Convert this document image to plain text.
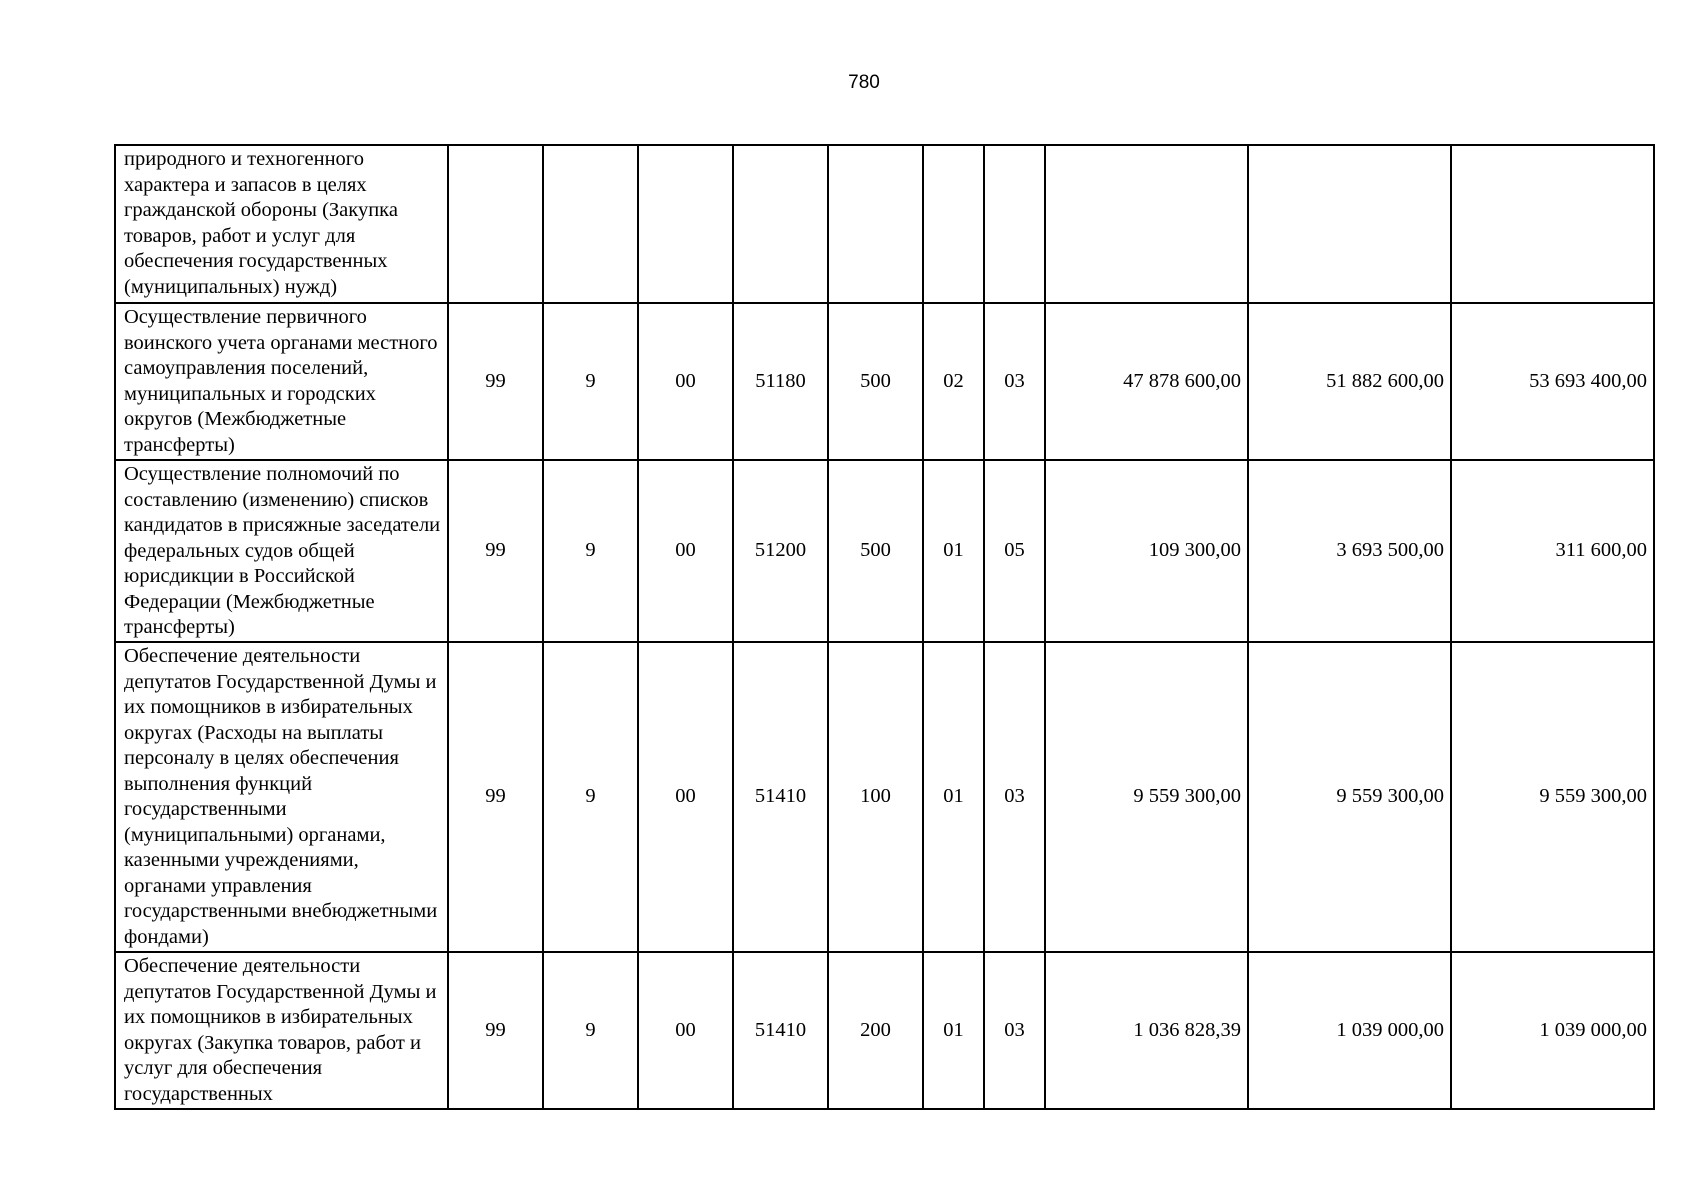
780
природного и техногенного характера и запасов в целях гражданской обороны (Закупка товаров, работ и услуг для обеспечения государственных (муниципальных) нужд)										
Осуществление первичного воинского учета органами местного самоуправления поселений, муниципальных и городских округов (Межбюджетные трансферты)	99	9	00	51180	500	02	03	47 878 600,00	51 882 600,00	53 693 400,00
Осуществление полномочий по составлению (изменению) списков кандидатов в присяжные заседатели федеральных судов общей юрисдикции в Российской Федерации (Межбюджетные трансферты)	99	9	00	51200	500	01	05	109 300,00	3 693 500,00	311 600,00
Обеспечение деятельности депутатов Государственной Думы и их помощников в избирательных округах (Расходы на выплаты персоналу в целях обеспечения выполнения функций государственными (муниципальными) органами, казенными учреждениями, органами управления государственными внебюджетными фондами)	99	9	00	51410	100	01	03	9 559 300,00	9 559 300,00	9 559 300,00
Обеспечение деятельности депутатов Государственной Думы и их помощников в избирательных округах (Закупка товаров, работ и услуг для обеспечения государственных	99	9	00	51410	200	01	03	1 036 828,39	1 039 000,00	1 039 000,00
